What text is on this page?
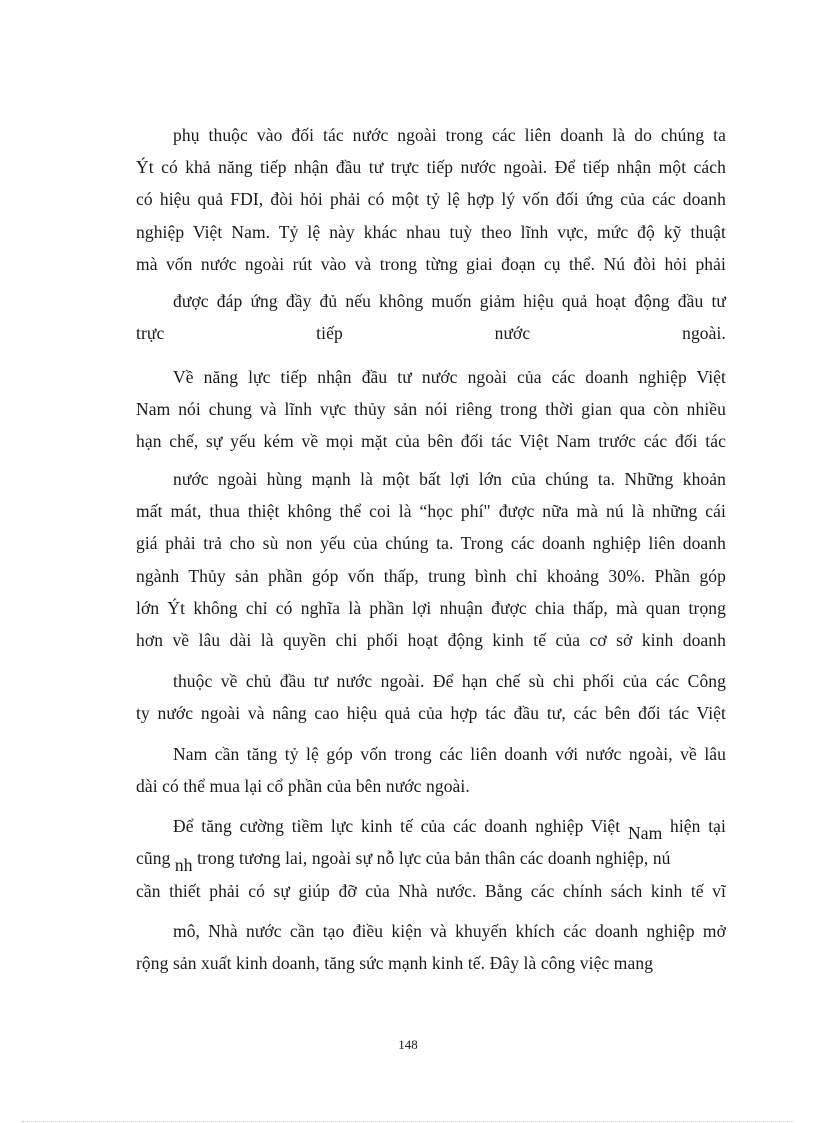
phụ thuộc vào đối tác nước ngoài trong các liên doanh là do chúng ta
Ýt có khả năng tiếp nhận đầu tư trực tiếp nước ngoài. Để tiếp nhận một cách
có hiệu quả FDI, đòi hỏi phải có một tỷ lệ hợp lý vốn đối ứng của các doanh
nghiệp Việt Nam. Tỷ lệ này khác nhau tuỳ theo lĩnh vực, mức độ kỹ thuật
mà vốn nước ngoài rút vào và trong từng giai đoạn cụ thể. Nú đòi hỏi phải
được đáp ứng đầy đủ nếu không muốn giảm hiệu quả hoạt động đầu tư
trực	tiếp	nước	ngoài.
Về năng lực tiếp nhận đầu tư nước ngoài của các doanh nghiệp Việt
Nam nói chung và lĩnh vực thủy sản nói riêng trong thời gian qua còn nhiều
hạn chế, sự yếu kém về mọi mặt của bên đối tác Việt Nam trước các đối tác
nước ngoài hùng mạnh là một bất lợi lớn của chúng ta. Những khoản
mất mát, thua thiệt không thể coi là “học phí" được nữa mà nú là những cái
giá phải trả cho sù non yếu của chúng ta. Trong các doanh nghiệp liên doanh
ngành Thủy sản phần góp vốn thấp, trung bình chỉ khoảng 30%. Phần góp
lớn Ýt không chỉ có nghĩa là phần lợi nhuận được chia thấp, mà quan trọng
hơn về lâu dài là quyền chi phối hoạt động kinh tế của cơ sở kinh doanh
thuộc về chủ đầu tư nước ngoài. Để hạn chế sù chi phối của các Công
ty nước ngoài và nâng cao hiệu quả của hợp tác đầu tư, các bên đối tác Việt
Nam cần tăng tỷ lệ góp vốn trong các liên doanh với nước ngoài, về lâu
dài có thể mua lại cổ phần của bên nước ngoài.
Để tăng cường tiềm lực kinh tế của các doanh nghiệp Việt Nam hiện tại
cũng nh trong tương lai, ngoài sự nỗ lực của bản thân các doanh nghiệp, nú
cần thiết phải có sự giúp đỡ của Nhà nước. Bằng các chính sách kinh tế vĩ
mô, Nhà nước cần tạo điều kiện và khuyến khích các doanh nghiệp mở
rộng sản xuất kinh doanh, tăng sức mạnh kinh tế. Đây là công việc mang
148
